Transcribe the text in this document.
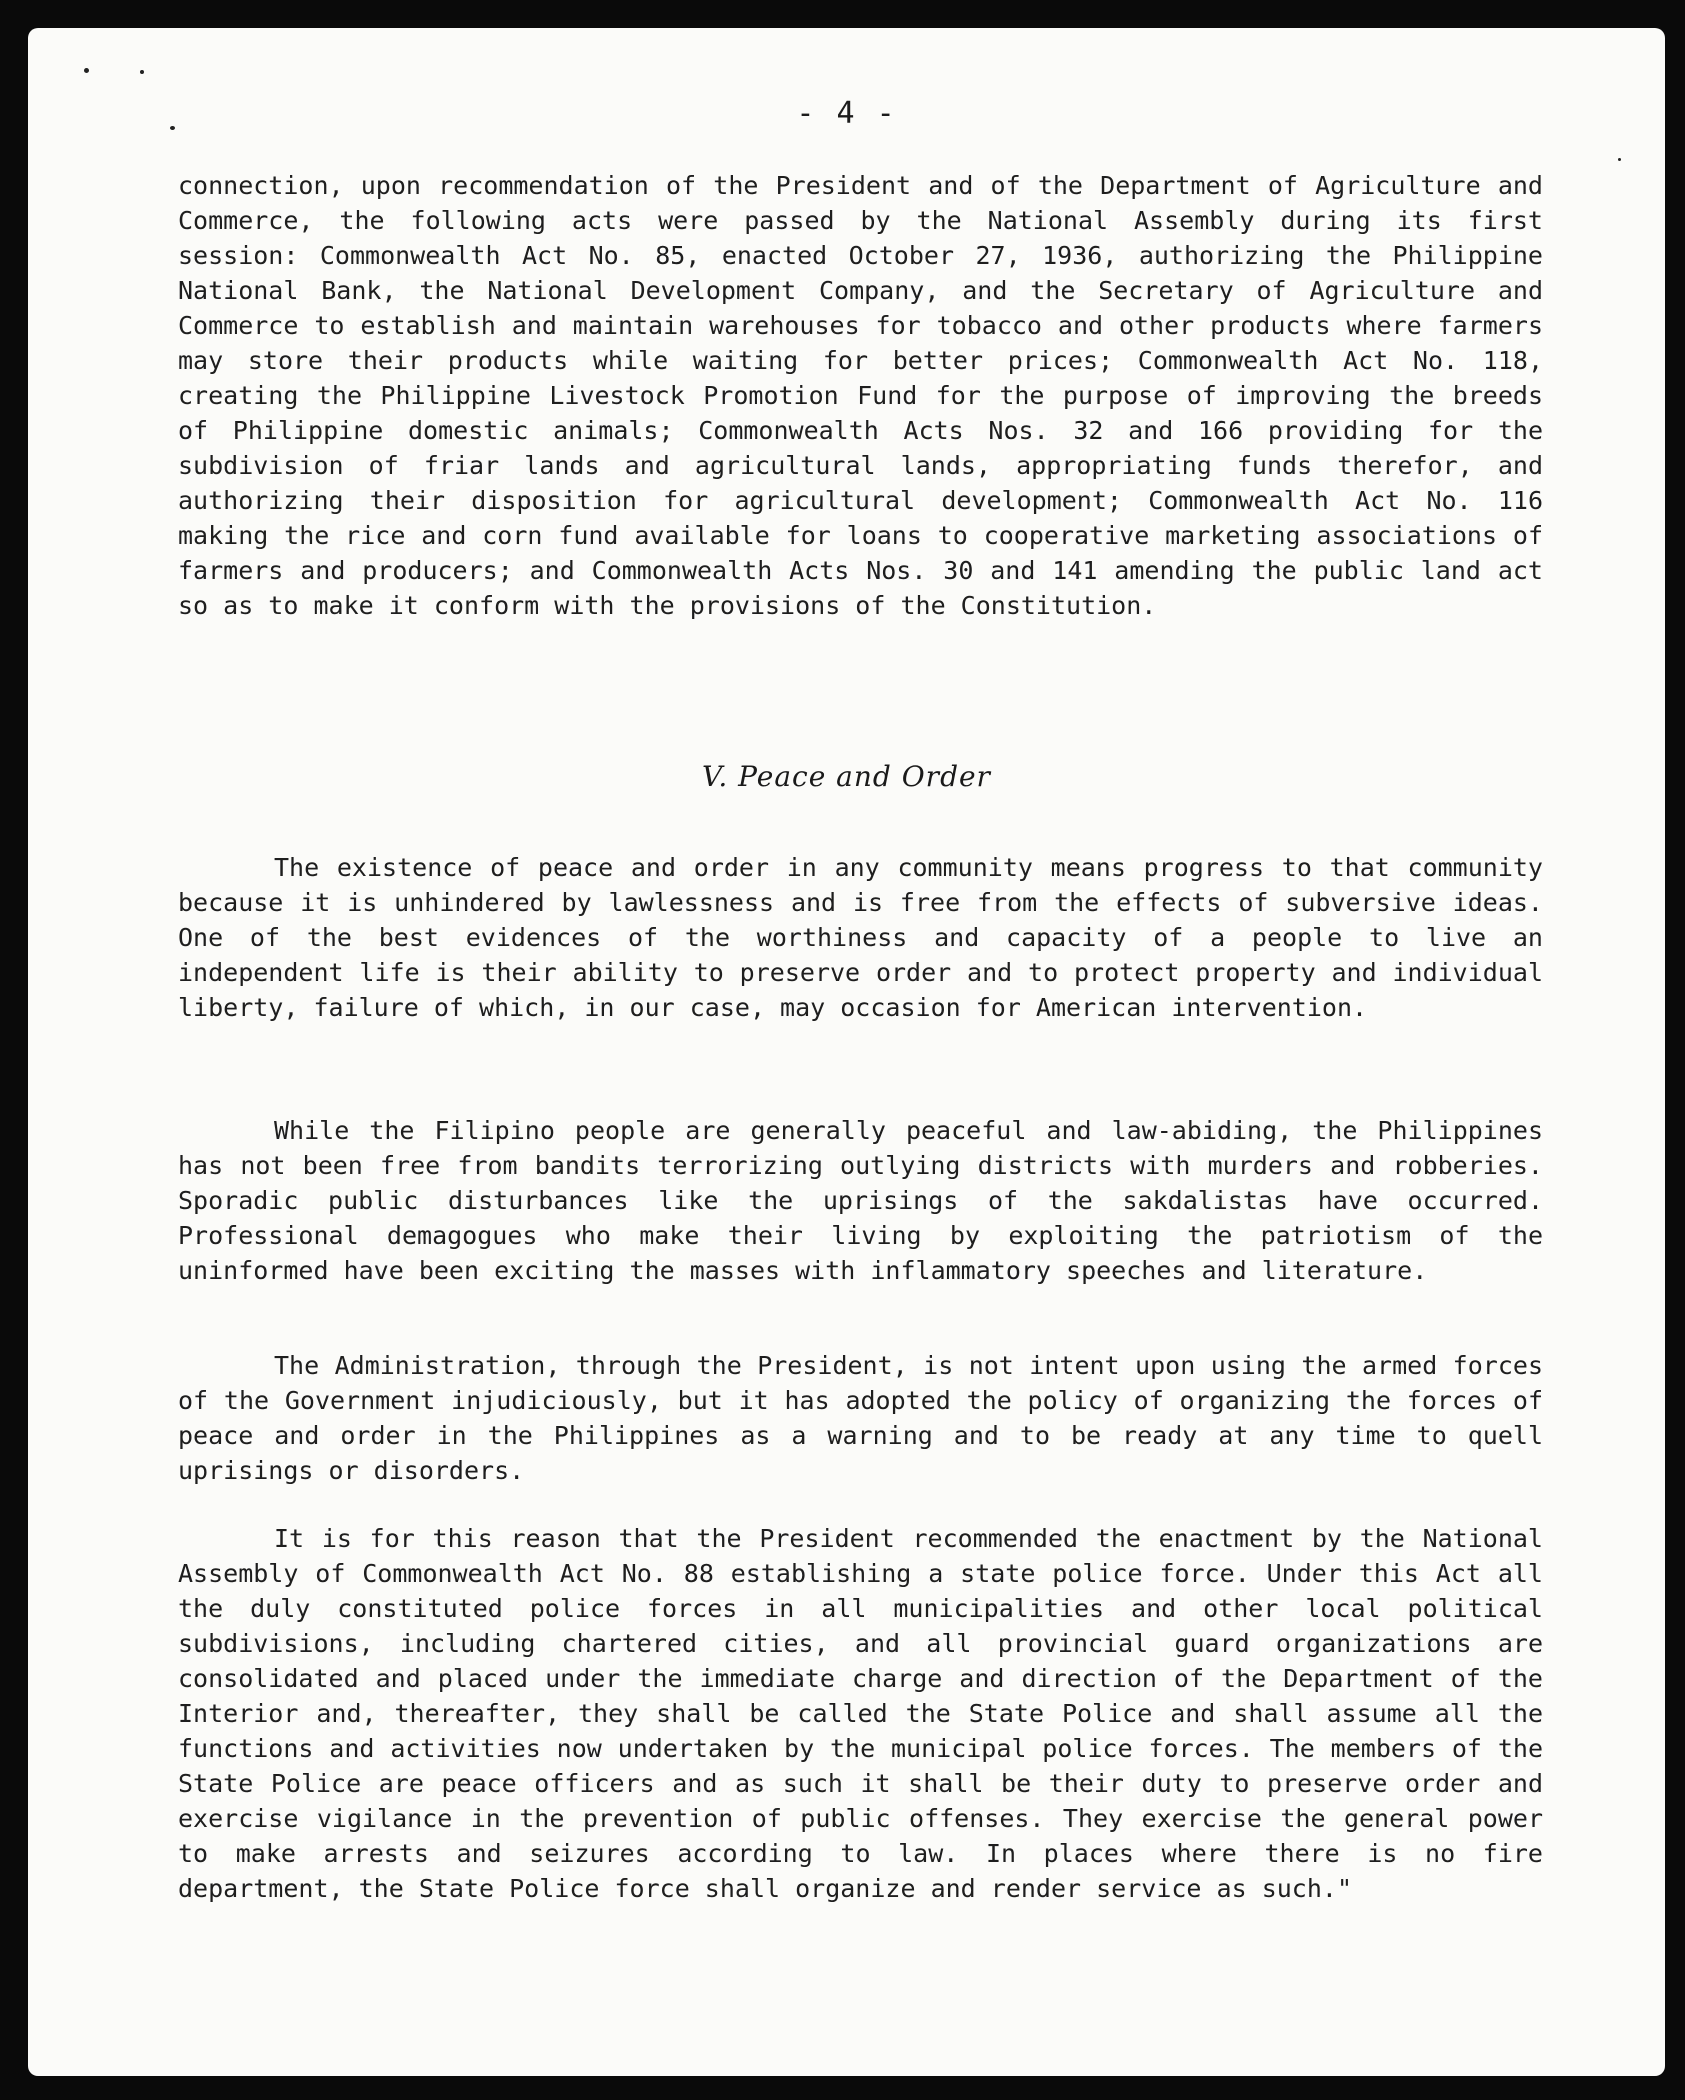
- 4 -

connection, upon recommendation of the President and of the Department of Agriculture and Commerce, the following acts were passed by the National Assembly during its first session: Commonwealth Act No. 85, enacted October 27, 1936, authorizing the Philippine National Bank, the National Development Company, and the Secretary of Agriculture and Commerce to establish and maintain warehouses for tobacco and other products where farmers may store their products while waiting for better prices; Commonwealth Act No. 118, creating the Philippine Livestock Promotion Fund for the purpose of improving the breeds of Philippine domestic animals; Commonwealth Acts Nos. 32 and 166 providing for the subdivision of friar lands and agricultural lands, appropriating funds therefor, and authorizing their disposition for agricultural development; Commonwealth Act No. 116 making the rice and corn fund available for loans to cooperative marketing associations of farmers and producers; and Commonwealth Acts Nos. 30 and 141 amending the public land act so as to make it conform with the provisions of the Constitution.

V. Peace and Order

The existence of peace and order in any community means progress to that community because it is unhindered by lawlessness and is free from the effects of subversive ideas. One of the best evidences of the worthiness and capacity of a people to live an independent life is their ability to preserve order and to protect property and individual liberty, failure of which, in our case, may occasion for American intervention.

While the Filipino people are generally peaceful and law-abiding, the Philippines has not been free from bandits terrorizing outlying districts with murders and robberies. Sporadic public disturbances like the uprisings of the sakdalistas have occurred. Professional demagogues who make their living by exploiting the patriotism of the uninformed have been exciting the masses with inflammatory speeches and literature.

The Administration, through the President, is not intent upon using the armed forces of the Government injudiciously, but it has adopted the policy of organizing the forces of peace and order in the Philippines as a warning and to be ready at any time to quell uprisings or disorders.

It is for this reason that the President recommended the enactment by the National Assembly of Commonwealth Act No. 88 establishing a state police force. Under this Act all the duly constituted police forces in all municipalities and other local political subdivisions, including chartered cities, and all provincial guard organizations are consolidated and placed under the immediate charge and direction of the Department of the Interior and, thereafter, they shall be called the State Police and shall assume all the functions and activities now undertaken by the municipal police forces. The members of the State Police are peace officers and as such it shall be their duty to preserve order and exercise vigilance in the prevention of public offenses. They exercise the general power to make arrests and seizures according to law. In places where there is no fire department, the State Police force shall organize and render service as such."
